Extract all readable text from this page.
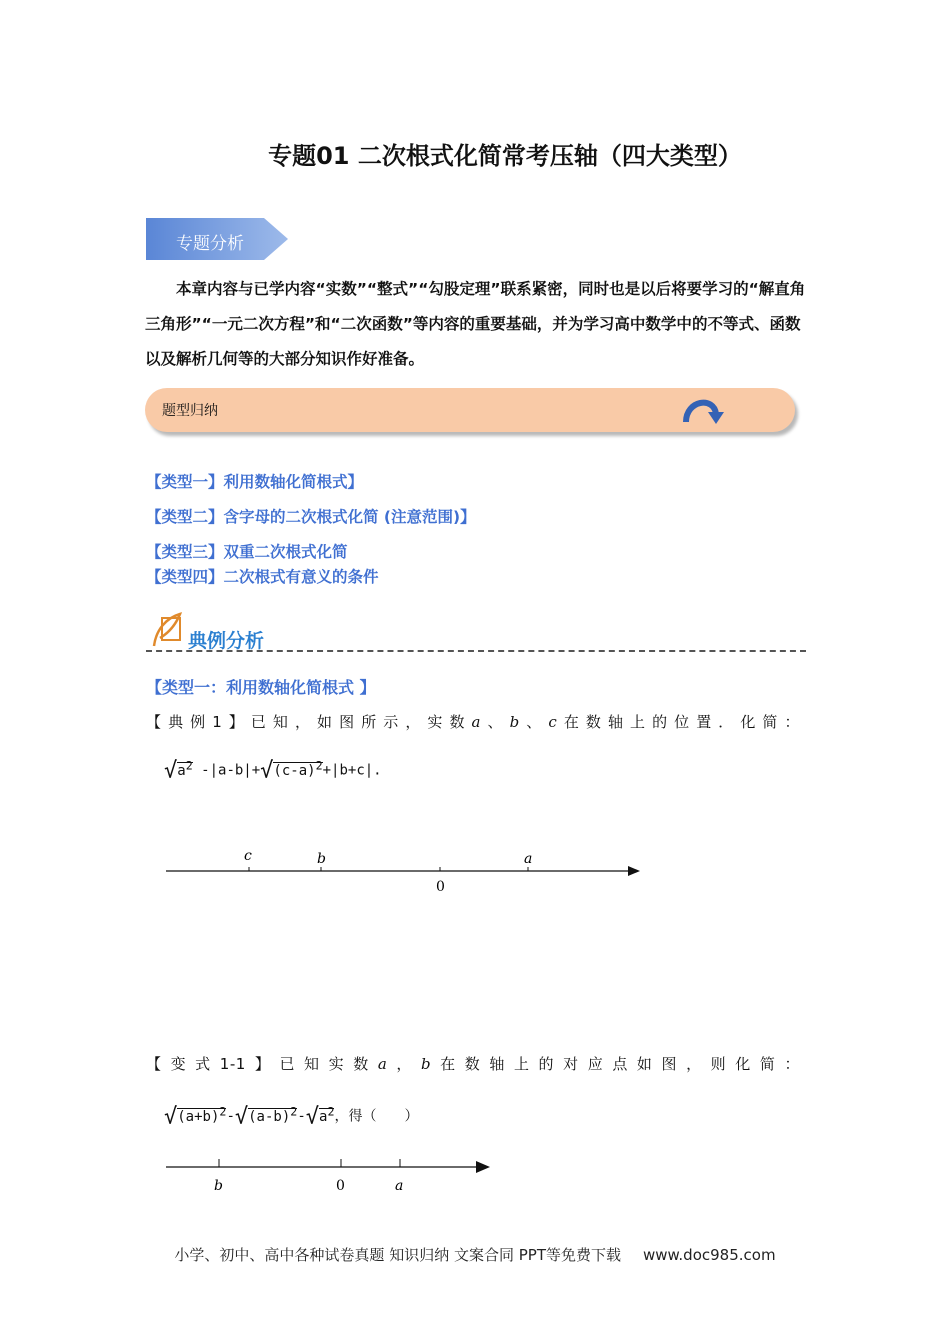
专题01 二次根式化简常考压轴（四大类型）
专题分析
本章内容与已学内容“实数”“整式”“勾股定理”联系紧密，同时也是以后将要学习的“解直角三角形”“一元二次方程”和“二次函数”等内容的重要基础，并为学习高中数学中的不等式、函数以及解析几何等的大部分知识作好准备。
题型归纳
【类型一】利用数轴化简根式】
【类型二】含字母的二次根式化简 (注意范围)】
【类型三】双重二次根式化简
【类型四】二次根式有意义的条件
典例分析
【类型一：利用数轴化简根式 】
【典例1】已知，如图所示，实数a、b、c在数轴上的位置．化简：
$√a^2$ $-|a-b|+√(c-a)^2+|b+c|$.
c	b
0
a
【变式1-1】已知实数a，b在数轴上的对应点如图，则化简：
$√(a+b)^2-√(a-b)^2-√a^2$，得（　　）
b	0	a
小学、初中、高中各种试卷真题 知识归纳 文案合同 PPT等免费下载 www.doc985.com
